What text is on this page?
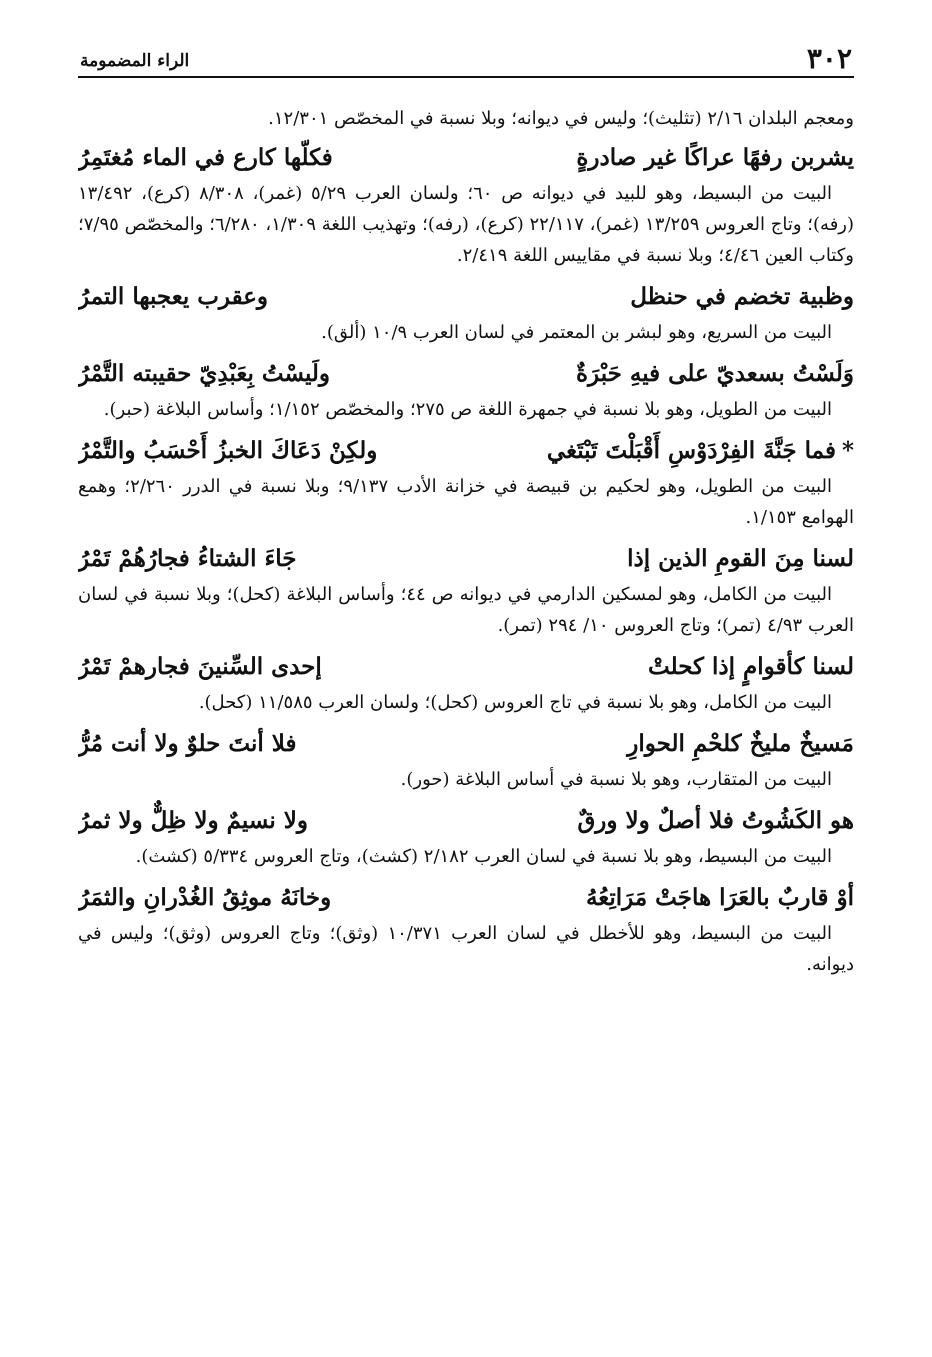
٣٠٢
الراء المضمومة

ومعجم البلدان ٢/١٦ (تثليث)؛ وليس في ديوانه؛ وبلا نسبة في المخصّص ١٢/٣٠١.

يشربن رفهًا عراكًا غير صادرةٍ
فكلّها كارع في الماء مُغتَمِرُ

البيت من البسيط، وهو للبيد في ديوانه ص ٦٠؛ ولسان العرب ٥/٢٩ (غمر)، ٨/٣٠٨ (كرع)، ١٣/٤٩٢ (رفه)؛ وتاج العروس ١٣/٢٥٩ (غمر)، ٢٢/١١٧ (كرع)، (رفه)؛ وتهذيب اللغة ١/٣٠٩، ٦/٢٨٠؛ والمخصّص ٧/٩٥؛ وكتاب العين ٤/٤٦؛ وبلا نسبة في مقاييس اللغة ٢/٤١٩.

وظبية تخضم في حنظل
وعقرب يعجبها التمرُ

البيت من السريع، وهو لبشر بن المعتمر في لسان العرب ١٠/٩ (ألق).

وَلَسْتُ بسعديّ على فيهِ حَبْرَةٌ
ولَيسْتُ بِعَبْدِيّ حقيبته التَّمْرُ

البيت من الطويل، وهو بلا نسبة في جمهرة اللغة ص ٢٧٥؛ والمخصّص ١/١٥٢؛ وأساس البلاغة (حبر).

*فما جَنَّةَ الفِرْدَوْسِ أَقْبَلْتَ تَبْتَغي
ولكِنْ دَعَاكَ الخبزُ أَحْسَبُ والتَّمْرُ

البيت من الطويل، وهو لحكيم بن قبيصة في خزانة الأدب ٩/١٣٧؛ وبلا نسبة في الدرر ٢/٢٦٠؛ وهمع الهوامع ١/١٥٣.

لسنا مِنَ القومِ الذين إذا
جَاءَ الشتاءُ فجارُهُمْ تَمْرُ

البيت من الكامل، وهو لمسكين الدارمي في ديوانه ص ٤٤؛ وأساس البلاغة (كحل)؛ وبلا نسبة في لسان العرب ٤/٩٣ (تمر)؛ وتاج العروس ١٠/ ٢٩٤ (تمر).

لسنا كأقوامٍ إذا كحلتْ
إحدى السِّنينَ فجارهمْ تَمْرُ

البيت من الكامل، وهو بلا نسبة في تاج العروس (كحل)؛ ولسان العرب ١١/٥٨٥ (كحل).

مَسيخٌ مليخٌ كلحْمِ الحوارِ
فلا أنتَ حلوٌ ولا أنت مُرُّ

البيت من المتقارب، وهو بلا نسبة في أساس البلاغة (حور).

هو الكَشُوتُ فلا أصلٌ ولا ورقٌ
ولا نسيمٌ ولا ظِلٌّ ولا ثمرُ

البيت من البسيط، وهو بلا نسبة في لسان العرب ٢/١٨٢ (كشث)، وتاج العروس ٥/٣٣٤ (كشث).

أوْ قاربٌ بالعَرَا هاجَتْ مَرَاتِعُهُ
وخانَهُ موثِقُ الغُدْرانِ والثمَرُ

البيت من البسيط، وهو للأخطل في لسان العرب ١٠/٣٧١ (وثق)؛ وتاج العروس (وثق)؛ وليس في ديوانه.
